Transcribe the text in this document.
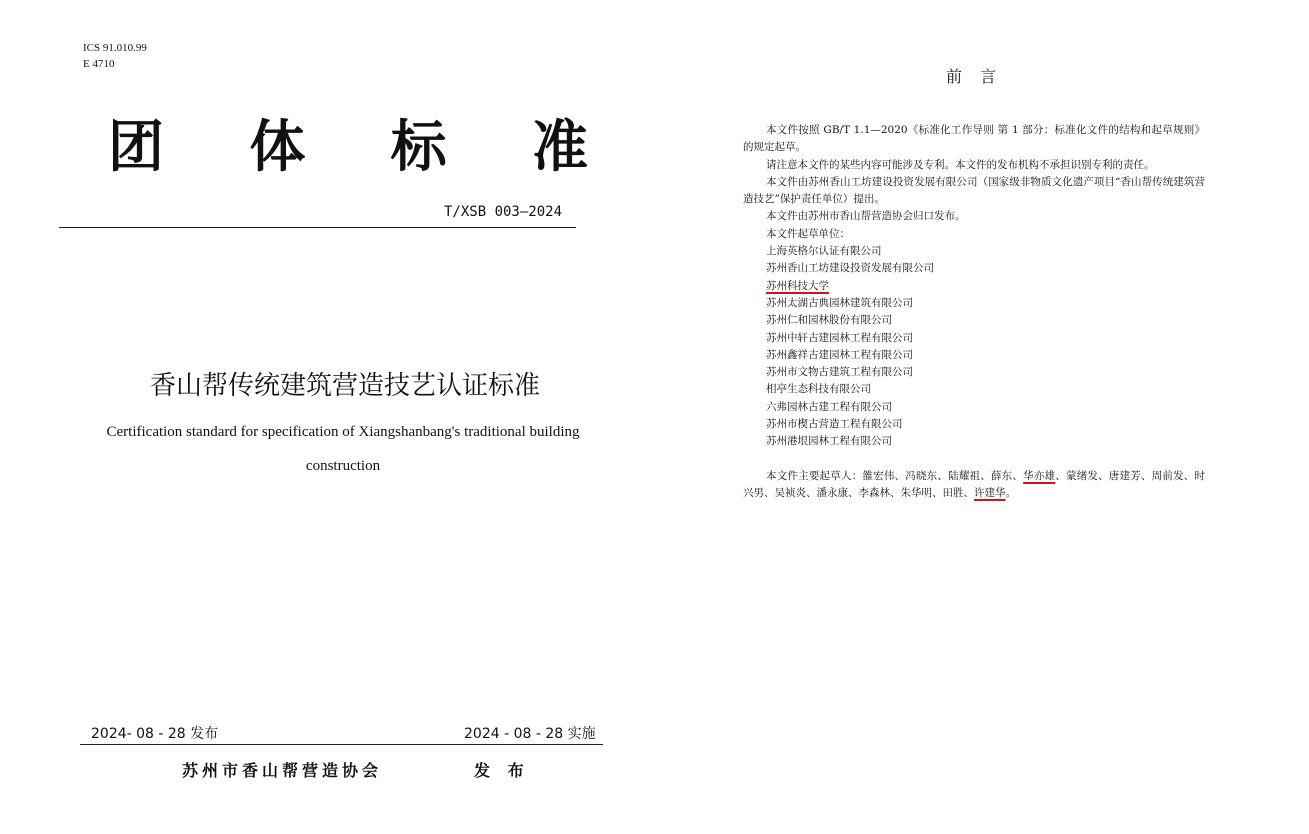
ICS 91.010.99
E 4710
团 体 标 准
T/XSB 003—2024
香山帮传统建筑营造技艺认证标准
Certification standard for specification of Xiangshanbang's traditional building
construction
2024- 08 - 28 发布	2024 - 08 - 28 实施
苏州市香山帮营造协会	发 布
前言

本文件按照 GB/T 1.1—2020《标准化工作导则 第 1 部分：标准化文件的结构和起草规则》的规定起草。

请注意本文件的某些内容可能涉及专利。本文件的发布机构不承担识别专利的责任。

本文件由苏州香山工坊建设投资发展有限公司（国家级非物质文化遗产项目“香山帮传统建筑营造技艺”保护责任单位）提出。

本文件由苏州市香山帮营造协会归口发布。

本文件起草单位：

上海英格尔认证有限公司

苏州香山工坊建设投资发展有限公司

苏州科技大学

苏州太湖古典园林建筑有限公司

苏州仁和园林股份有限公司

苏州中轩古建园林工程有限公司

苏州鑫祥古建园林工程有限公司

苏州市文物古建筑工程有限公司

相亭生态科技有限公司

六弗园林古建工程有限公司

苏州市楔古营造工程有限公司

苏州港垠园林工程有限公司

本文件主要起草人：雒宏伟、冯晓东、陆耀祖、薛东、华亦雄、蒙绪发、唐建芳、周前发、时兴男、吴祯炎、潘永康、李森林、朱华明、田胜、许建华。
